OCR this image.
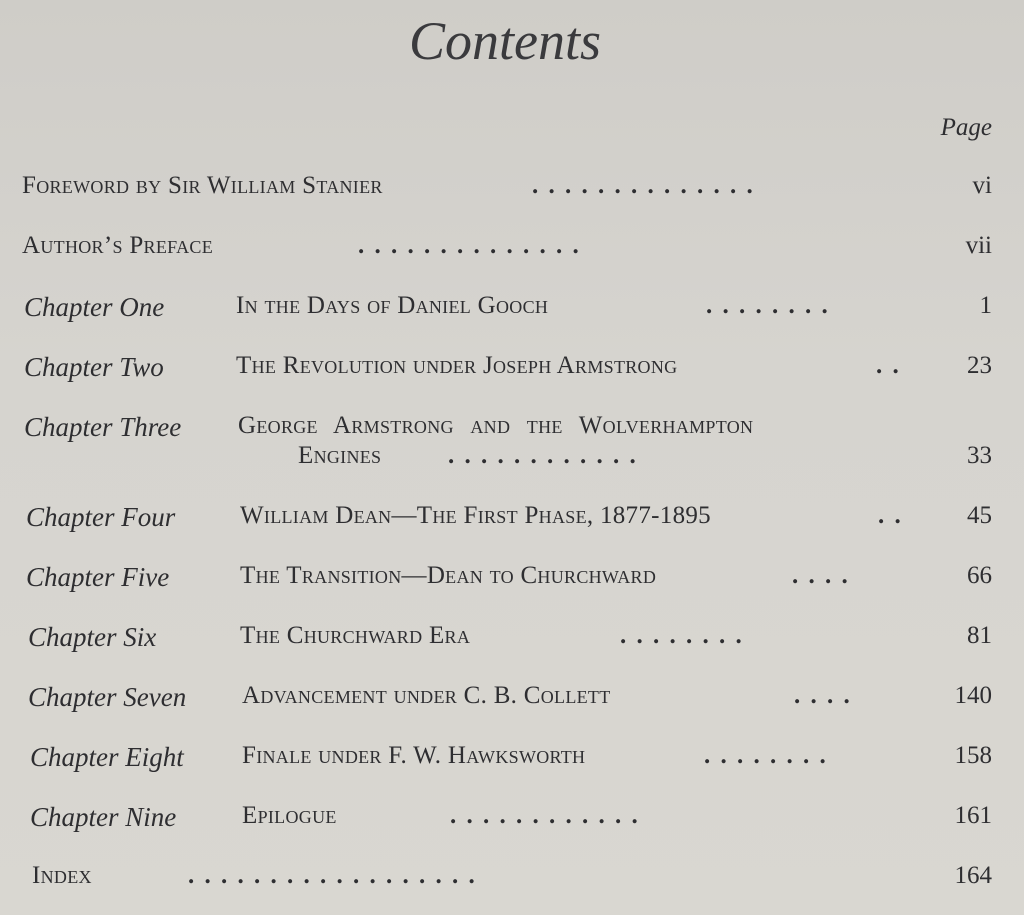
Contents
Page
Foreword by Sir William Stanier	. . . . . . . . . . . . . .	vi
Author’s Preface	. . . . . . . . . . . . . .	vii
Chapter One	In the Days of Daniel Gooch	. . . . . . . .	1
Chapter Two	The Revolution under Joseph Armstrong	. .	23
Chapter Three George Armstrong and the Wolverhampton
Engines	. . . . . . . . . . . .	33
Chapter Four	William Dean—The First Phase, 1877-1895	. .	45
Chapter Five	The Transition—Dean to Churchward	. . . .	66
Chapter Six	The Churchward Era	. . . . . . . .	81
Chapter Seven Advancement under C. B. Collett	. . . .	140
Chapter Eight Finale under F. W. Hawksworth	. . . . . . . .	158
Chapter Nine	Epilogue	. . . . . . . . . . . .	161
Index	. . . . . . . . . . . . . . . . . .	164
